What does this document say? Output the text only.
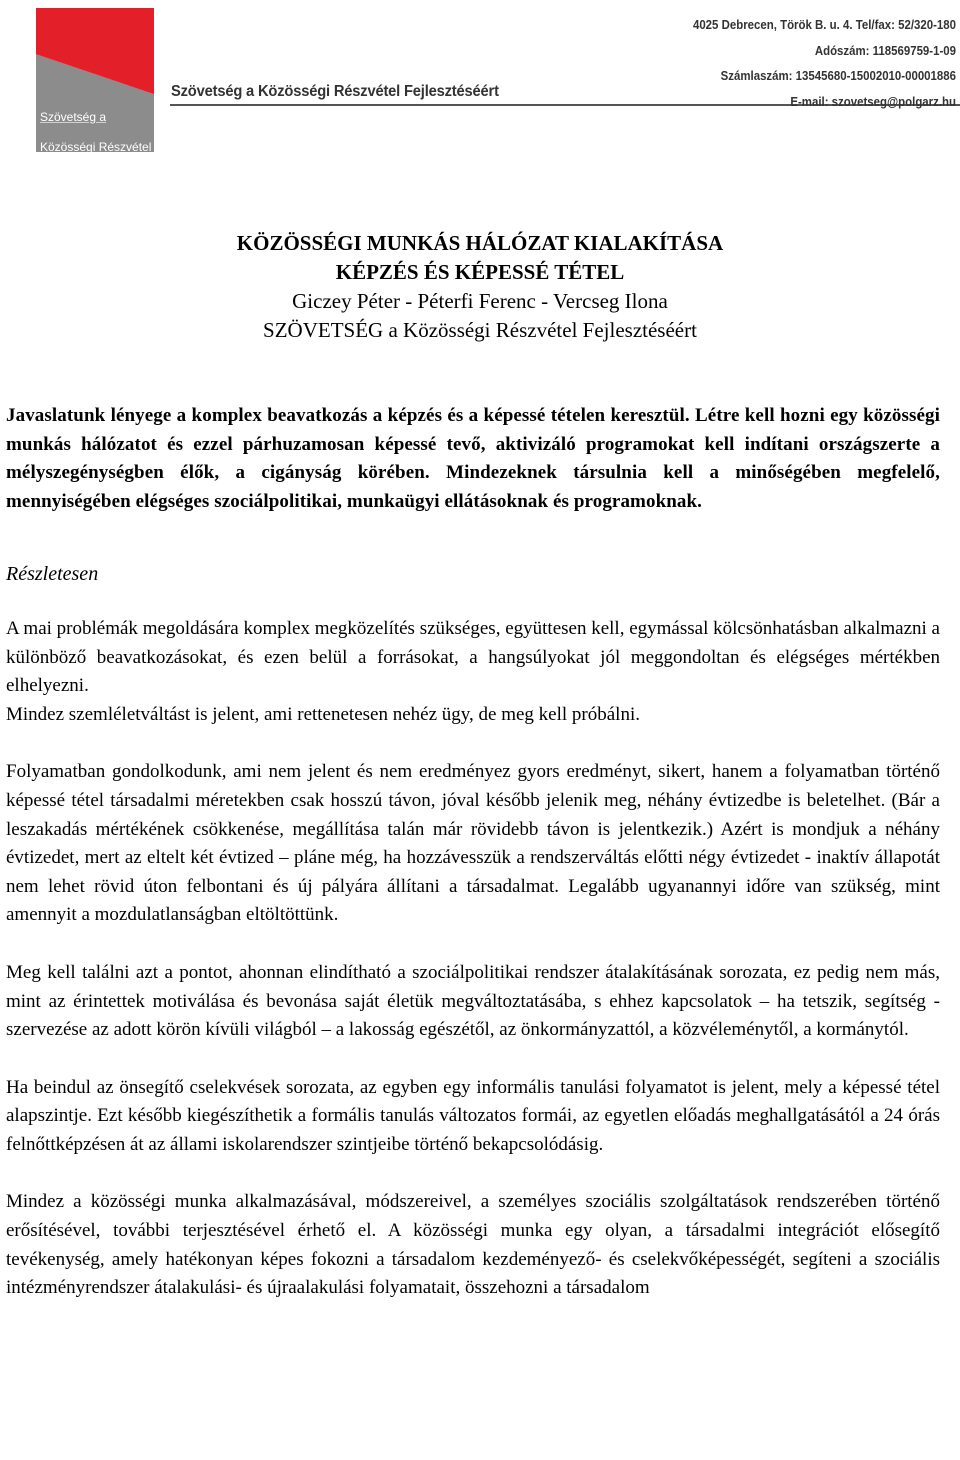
Szövetség a

Közösségi Részvétel

Fejlesztéséért

Szövetség a Közösségi Részvétel Fejlesztéséért
4025 Debrecen, Török B. u. 4. Tel/fax: 52/320-180
Adószám: 118569759-1-09
Számlaszám: 13545680-15002010-00001886
E-mail: szovetseg@polgarz.hu
KÖZÖSSÉGI MUNKÁS HÁLÓZAT KIALAKÍTÁSA
KÉPZÉS ÉS KÉPESSÉ TÉTEL
Giczey Péter - Péterfi Ferenc - Vercseg Ilona
SZÖVETSÉG a Közösségi Részvétel Fejlesztéséért

Javaslatunk lényege a komplex beavatkozás a képzés és a képessé tételen keresztül. Létre kell hozni egy közösségi munkás hálózatot és ezzel párhuzamosan képessé tevő, aktivizáló programokat kell indítani országszerte a mélyszegénységben élők, a cigányság körében. Mindezeknek társulnia kell a minőségében megfelelő, mennyiségében elégséges szociálpolitikai, munkaügyi ellátásoknak és programoknak.

Részletesen

A mai problémák megoldására komplex megközelítés szükséges, együttesen kell, egymással kölcsönhatásban alkalmazni a különböző beavatkozásokat, és ezen belül a forrásokat, a hangsúlyokat jól meggondoltan és elégséges mértékben elhelyezni.

Mindez szemléletváltást is jelent, ami rettenetesen nehéz ügy, de meg kell próbálni.

Folyamatban gondolkodunk, ami nem jelent és nem eredményez gyors eredményt, sikert, hanem a folyamatban történő képessé tétel társadalmi méretekben csak hosszú távon, jóval később jelenik meg, néhány évtizedbe is beletelhet. (Bár a leszakadás mértékének csökkenése, megállítása talán már rövidebb távon is jelentkezik.) Azért is mondjuk a néhány évtizedet, mert az eltelt két évtized – pláne még, ha hozzávesszük a rendszerváltás előtti négy évtizedet - inaktív állapotát nem lehet rövid úton felbontani és új pályára állítani a társadalmat. Legalább ugyanannyi időre van szükség, mint amennyit a mozdulatlanságban eltöltöttünk.

Meg kell találni azt a pontot, ahonnan elindítható a szociálpolitikai rendszer átalakításának sorozata, ez pedig nem más, mint az érintettek motiválása és bevonása saját életük megváltoztatásába, s ehhez kapcsolatok – ha tetszik, segítség - szervezése az adott körön kívüli világból – a lakosság egészétől, az önkormányzattól, a közvéleménytől, a kormánytól.

Ha beindul az önsegítő cselekvések sorozata, az egyben egy informális tanulási folyamatot is jelent, mely a képessé tétel alapszintje. Ezt később kiegészíthetik a formális tanulás változatos formái, az egyetlen előadás meghallgatásától a 24 órás felnőttképzésen át az állami iskolarendszer szintjeibe történő bekapcsolódásig.

Mindez a közösségi munka alkalmazásával, módszereivel, a személyes szociális szolgáltatások rendszerében történő erősítésével, további terjesztésével érhető el. A közösségi munka egy olyan, a társadalmi integrációt elősegítő tevékenység, amely hatékonyan képes fokozni a társadalom kezdeményező- és cselekvőképességét, segíteni a szociális intézményrendszer átalakulási- és újraalakulási folyamatait, összehozni a társadalom
